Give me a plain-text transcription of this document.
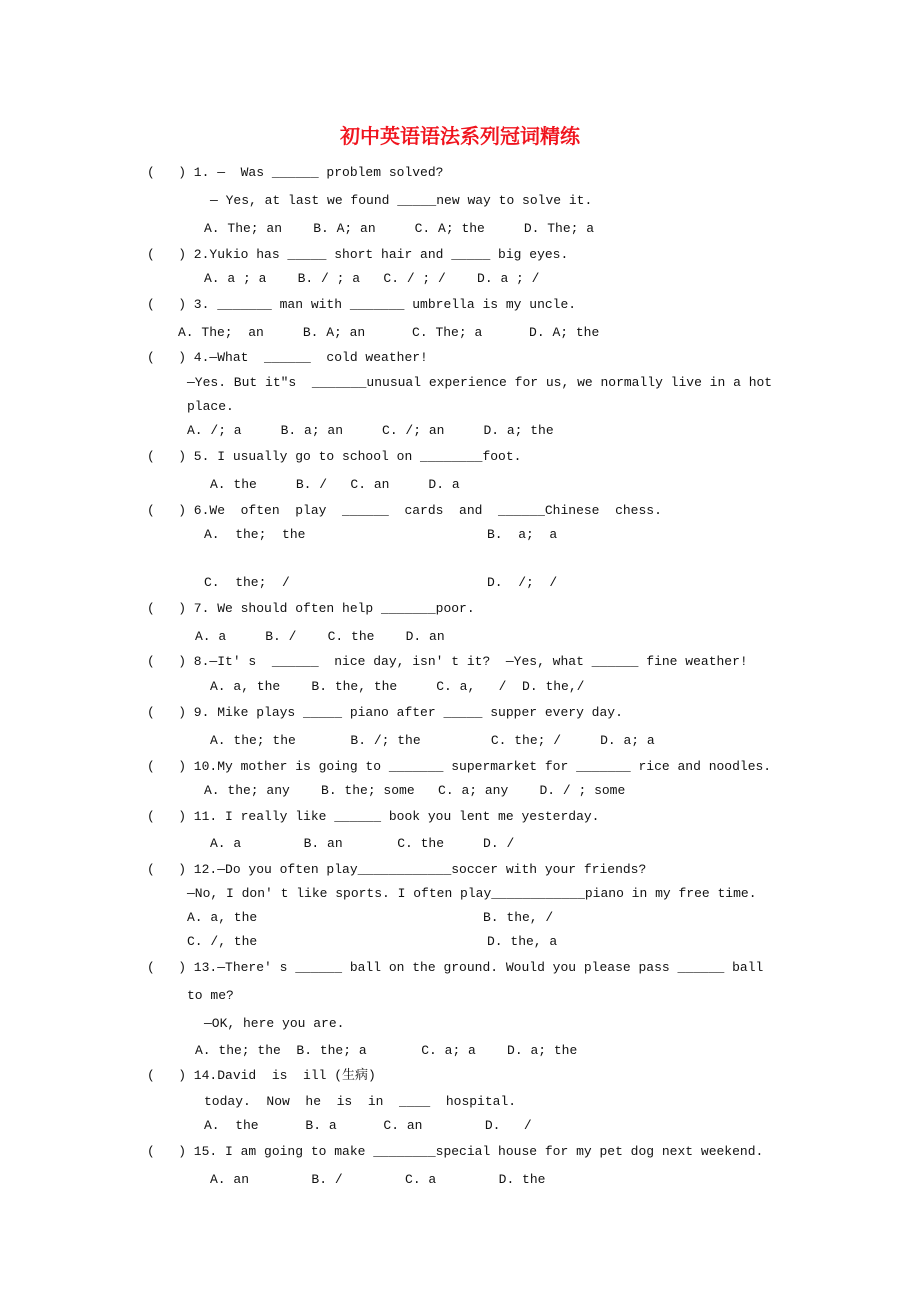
初中英语语法系列冠词精练
(   ) 1. —  Was ______ problem solved?
— Yes, at last we found _____new way to solve it.
A. The; an    B. A; an     C. A; the     D. The; a
(   ) 2.Yukio has _____ short hair and _____ big eyes.
A. a ; a    B. / ; a   C. / ; /    D. a ; /
(   ) 3. _______ man with _______ umbrella is my uncle.
A. The;  an     B. A; an      C. The; a      D. A; the
(   ) 4.—What  ______  cold weather!
—Yes. But it″s  _______unusual experience for us, we normally live in a hot
place.
A. /; a     B. a; an     C. /; an     D. a; the
(   ) 5. I usually go to school on ________foot.
A. the     B. /   C. an     D. a
(   ) 6.We  often  play  ______  cards  and  ______Chinese  chess.
A.  the;  the	B.  a;  a
C.  the;  /	D.  /;  /
(   ) 7. We should often help _______poor.
A. a     B. /    C. the    D. an
(   ) 8.—It' s  ______  nice day, isn' t it?  —Yes, what ______ fine weather!
A. a, the    B. the, the     C. a,   /  D. the,/
(   ) 9. Mike plays _____ piano after _____ supper every day.
A. the; the       B. /; the         C. the; /     D. a; a
(   ) 10.My mother is going to _______ supermarket for _______ rice and noodles.
A. the; any    B. the; some   C. a; any    D. / ; some
(   ) 11. I really like ______ book you lent me yesterday.
A. a        B. an       C. the     D. /
(   ) 12.—Do you often play____________soccer with your friends?
—No, I don' t like sports. I often play____________piano in my free time.
A. a, the	B. the, /
C. /, the	D. the, a
(   ) 13.—There' s ______ ball on the ground. Would you please pass ______ ball
to me?
—OK, here you are.
A. the; the  B. the; a       C. a; a    D. a; the
(   ) 14.David  is  ill (生病)
today.  Now  he  is  in  ____  hospital.
A.  the      B. a      C. an        D.   /
(   ) 15. I am going to make ________special house for my pet dog next weekend.
A. an        B. /        C. a        D. the
